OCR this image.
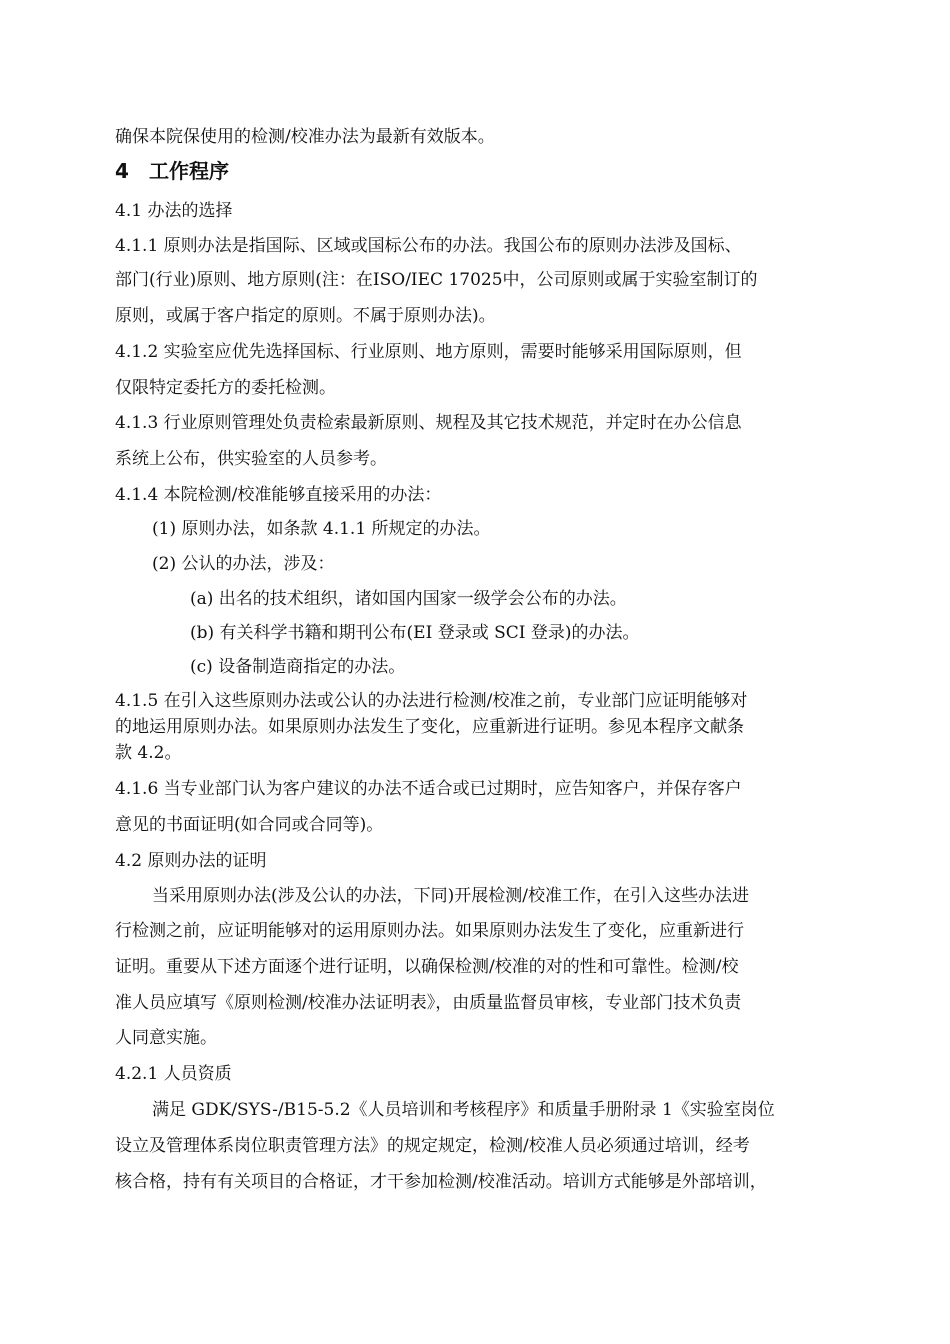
确保本院保使用的检测/校准办法为最新有效版本。
4 工作程序
4.1 办法的选择
4.1.1 原则办法是指国际、区域或国标公布的办法。我国公布的原则办法涉及国标、
部门(行业)原则、地方原则(注：在ISO/IEC 17025中，公司原则或属于实验室制订的
原则，或属于客户指定的原则。不属于原则办法)。
4.1.2 实验室应优先选择国标、行业原则、地方原则，需要时能够采用国际原则，但
仅限特定委托方的委托检测。
4.1.3 行业原则管理处负责检索最新原则、规程及其它技术规范，并定时在办公信息
系统上公布，供实验室的人员参考。
4.1.4 本院检测/校准能够直接采用的办法：
(1) 原则办法，如条款 4.1.1 所规定的办法。
(2) 公认的办法，涉及：
(a) 出名的技术组织，诸如国内国家一级学会公布的办法。
(b) 有关科学书籍和期刊公布(EI 登录或 SCI 登录)的办法。
(c) 设备制造商指定的办法。
4.1.5 在引入这些原则办法或公认的办法进行检测/校准之前，专业部门应证明能够对
的地运用原则办法。如果原则办法发生了变化，应重新进行证明。参见本程序文献条
款 4.2。
4.1.6 当专业部门认为客户建议的办法不适合或已过期时，应告知客户，并保存客户
意见的书面证明(如合同或合同等)。
4.2 原则办法的证明
当采用原则办法(涉及公认的办法，下同)开展检测/校准工作，在引入这些办法进
行检测之前，应证明能够对的运用原则办法。如果原则办法发生了变化，应重新进行
证明。重要从下述方面逐个进行证明，以确保检测/校准的对的性和可靠性。检测/校
准人员应填写《原则检测/校准办法证明表》，由质量监督员审核，专业部门技术负责
人同意实施。
4.2.1 人员资质
满足 GDK/SYS-/B15-5.2《人员培训和考核程序》和质量手册附录 1《实验室岗位
设立及管理体系岗位职责管理方法》的规定规定，检测/校准人员必须通过培训，经考
核合格，持有有关项目的合格证，才干参加检测/校准活动。培训方式能够是外部培训，
